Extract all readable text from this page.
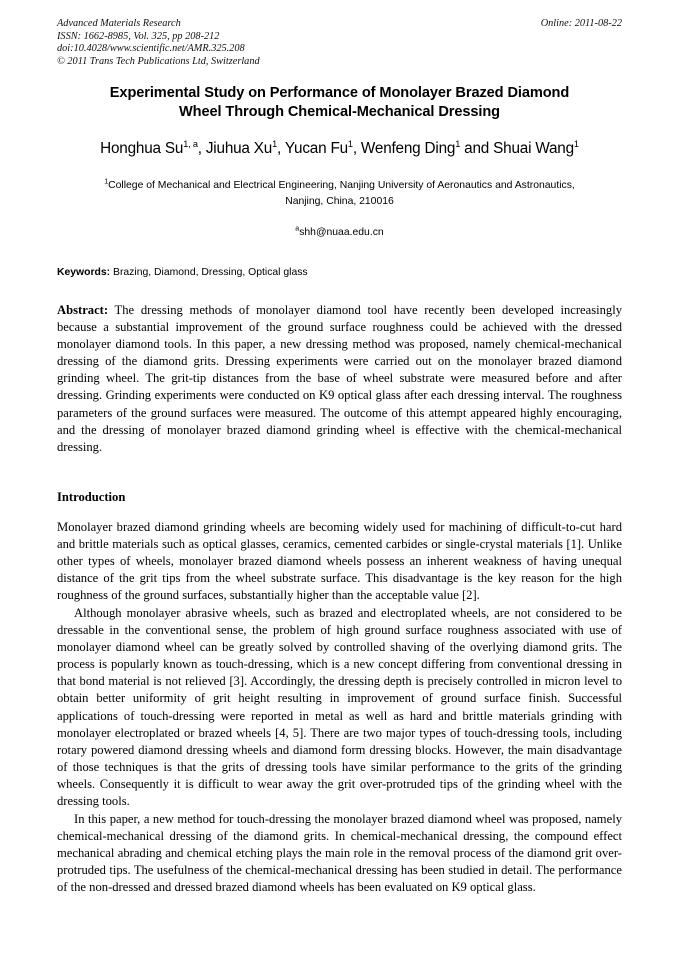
Advanced Materials Research
ISSN: 1662-8985, Vol. 325, pp 208-212
doi:10.4028/www.scientific.net/AMR.325.208
© 2011 Trans Tech Publications Ltd, Switzerland
Online: 2011-08-22
Experimental Study on Performance of Monolayer Brazed Diamond
Wheel Through Chemical-Mechanical Dressing
Honghua Su$^{1, a}$, Jiuhua Xu$^1$, Yucan Fu$^1$, Wenfeng Ding$^1$ and Shuai Wang$^1$
$^1$College of Mechanical and Electrical Engineering, Nanjing University of Aeronautics and Astronautics, Nanjing, China, 210016
$^a$shh@nuaa.edu.cn
Keywords: Brazing, Diamond, Dressing, Optical glass
Abstract: The dressing methods of monolayer diamond tool have recently been developed increasingly because a substantial improvement of the ground surface roughness could be achieved with the dressed monolayer diamond tools. In this paper, a new dressing method was proposed, namely chemical-mechanical dressing of the diamond grits. Dressing experiments were carried out on the monolayer brazed diamond grinding wheel. The grit-tip distances from the base of wheel substrate were measured before and after dressing. Grinding experiments were conducted on K9 optical glass after each dressing interval. The roughness parameters of the ground surfaces were measured. The outcome of this attempt appeared highly encouraging, and the dressing of monolayer brazed diamond grinding wheel is effective with the chemical-mechanical dressing.
Introduction

Monolayer brazed diamond grinding wheels are becoming widely used for machining of difficult-to-cut hard and brittle materials such as optical glasses, ceramics, cemented carbides or single-crystal materials [1]. Unlike other types of wheels, monolayer brazed diamond wheels possess an inherent weakness of having unequal distance of the grit tips from the wheel substrate surface. This disadvantage is the key reason for the high roughness of the ground surfaces, substantially higher than the acceptable value [2].

Although monolayer abrasive wheels, such as brazed and electroplated wheels, are not considered to be dressable in the conventional sense, the problem of high ground surface roughness associated with use of monolayer diamond wheel can be greatly solved by controlled shaving of the overlying diamond grits. The process is popularly known as touch-dressing, which is a new concept differing from conventional dressing in that bond material is not relieved [3]. Accordingly, the dressing depth is precisely controlled in micron level to obtain better uniformity of grit height resulting in improvement of ground surface finish. Successful applications of touch-dressing were reported in metal as well as hard and brittle materials grinding with monolayer electroplated or brazed wheels [4, 5]. There are two major types of touch-dressing tools, including rotary powered diamond dressing wheels and diamond form dressing blocks. However, the main disadvantage of those techniques is that the grits of dressing tools have similar performance to the grits of the grinding wheels. Consequently it is difficult to wear away the grit over-protruded tips of the grinding wheel with the dressing tools.

In this paper, a new method for touch-dressing the monolayer brazed diamond wheel was proposed, namely chemical-mechanical dressing of the diamond grits. In chemical-mechanical dressing, the compound effect mechanical abrading and chemical etching plays the main role in the removal process of the diamond grit over-protruded tips. The usefulness of the chemical-mechanical dressing has been studied in detail. The performance of the non-dressed and dressed brazed diamond wheels has been evaluated on K9 optical glass.
